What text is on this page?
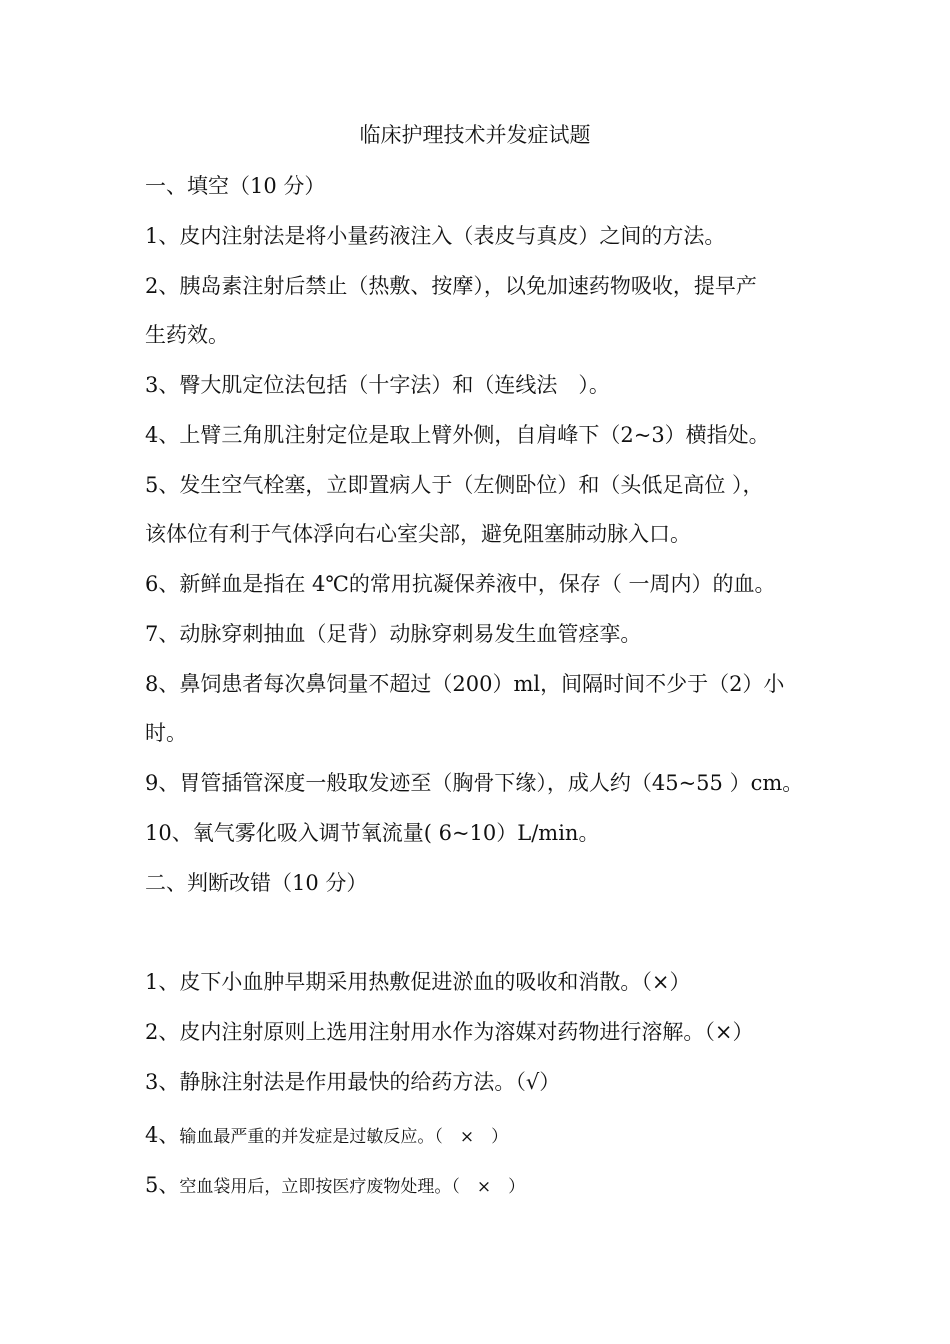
临床护理技术并发症试题
一、填空（10 分）
1、皮内注射法是将小量药液注入（表皮与真皮）之间的方法。
2、胰岛素注射后禁止（热敷、按摩），以免加速药物吸收，提早产
生药效。
3、臀大肌定位法包括（十字法）和（连线法　）。
4、上臂三角肌注射定位是取上臂外侧，自肩峰下（2~3）横指处。
5、发生空气栓塞，立即置病人于（左侧卧位）和（头低足高位 ），
该体位有利于气体浮向右心室尖部，避免阻塞肺动脉入口。
6、新鲜血是指在 4℃的常用抗凝保养液中，保存（ 一周内）的血。
7、动脉穿刺抽血（足背）动脉穿刺易发生血管痉挛。
8、鼻饲患者每次鼻饲量不超过（200）ml，间隔时间不少于（2）小
时。
9、胃管插管深度一般取发迹至（胸骨下缘），成人约（45~55 ）cm。
10、氧气雾化吸入调节氧流量( 6~10）L/min。
二、判断改错（10 分）
1、皮下小血肿早期采用热敷促进淤血的吸收和消散。（×）
2、皮内注射原则上选用注射用水作为溶媒对药物进行溶解。（×）
3、静脉注射法是作用最快的给药方法。（√）
4、输血最严重的并发症是过敏反应。（　×　）
5、空血袋用后，立即按医疗废物处理。（　×　）
